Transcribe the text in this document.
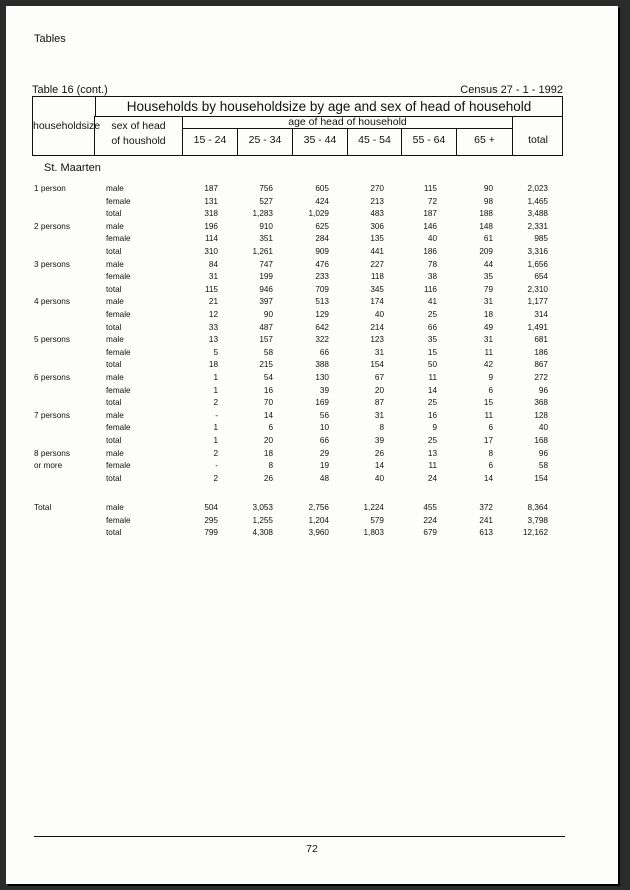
Tables
Table 16 (cont.)	Census 27 - 1 - 1992
Households by householdsize by age and sex of head of household
householdsize	sex of head
of houshold
age of head of household
15 - 24	25 - 34	35 - 44	45 - 54	55 - 64	65 +	total
St. Maarten
1 person	male	187	756	605	270	115	90	2,023
female	131	527	424	213	72	98	1,465
total	318	1,283	1,029	483	187	188	3,488
2 persons	male	196	910	625	306	146	148	2,331
female	114	351	284	135	40	61	985
total	310	1,261	909	441	186	209	3,316
3 persons	male	84	747	476	227	78	44	1,656
female	31	199	233	118	38	35	654
total	115	946	709	345	116	79	2,310
4 persons	male	21	397	513	174	41	31	1,177
female	12	90	129	40	25	18	314
total	33	487	642	214	66	49	1,491
5 persons	male	13	157	322	123	35	31	681
female	5	58	66	31	15	11	186
total	18	215	388	154	50	42	867
6 persons	male	1	54	130	67	11	9	272
female	1	16	39	20	14	6	96
total	2	70	169	87	25	15	368
7 persons	male	-	14	56	31	16	11	128
female	1	6	10	8	9	6	40
total	1	20	66	39	25	17	168
8 persons	male	2	18	29	26	13	8	96
or more	female	-	8	19	14	11	6	58
total	2	26	48	40	24	14	154
Total	male	504	3,053	2,756	1,224	455	372	8,364
female	295	1,255	1,204	579	224	241	3,798
total	799	4,308	3,960	1,803	679	613	12,162
72
